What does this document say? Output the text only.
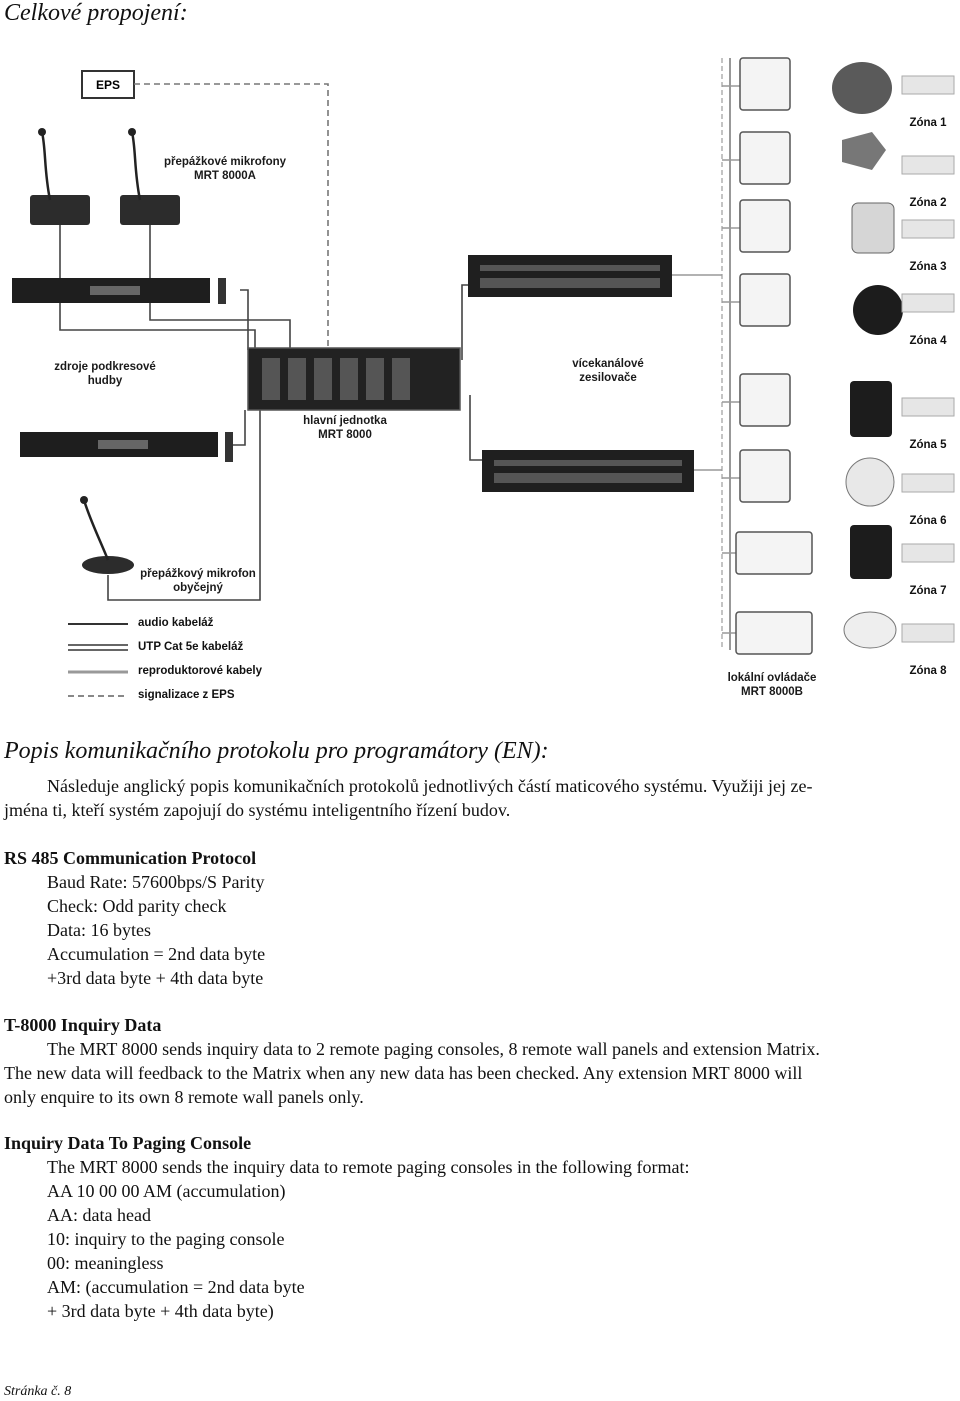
Celkové propojení:
EPS
přepážkové mikrofony
MRT 8000A
zdroje podkresové
hudby
vícekanálové
zesilovače
hlavní jednotka
MRT 8000
přepážkový mikrofon
obyčejný
lokální ovládače
MRT 8000B
Zóna 1
Zóna 2
Zóna 3
Zóna 4
Zóna 5
Zóna 6
Zóna 7
Zóna 8
audio kabeláž
UTP Cat 5e kabeláž
reproduktorové kabely
signalizace z EPS
Popis komunikačního protokolu pro programátory (EN):
Následuje anglický popis komunikačních protokolů jednotlivých částí maticového systému. Využiji jej ze-
jména ti, kteří systém zapojují do systému inteligentního řízení budov.
RS 485 Communication Protocol
Baud Rate: 57600bps/S Parity
Check: Odd parity check
Data: 16 bytes
Accumulation = 2nd data byte
+3rd data byte + 4th data byte
T-8000 Inquiry Data
The MRT 8000 sends inquiry data to 2 remote paging consoles, 8 remote wall panels and extension Matrix.
The new data will feedback to the Matrix when any new data has been checked. Any extension MRT 8000 will
only enquire to its own 8 remote wall panels only.
Inquiry Data To Paging Console
The MRT 8000 sends the inquiry data to remote paging consoles in the following format:
AA 10 00 00 AM (accumulation)
AA: data head
10: inquiry to the paging console
00: meaningless
AM: (accumulation = 2nd data byte
+ 3rd data byte + 4th data byte)
Stránka č. 8
